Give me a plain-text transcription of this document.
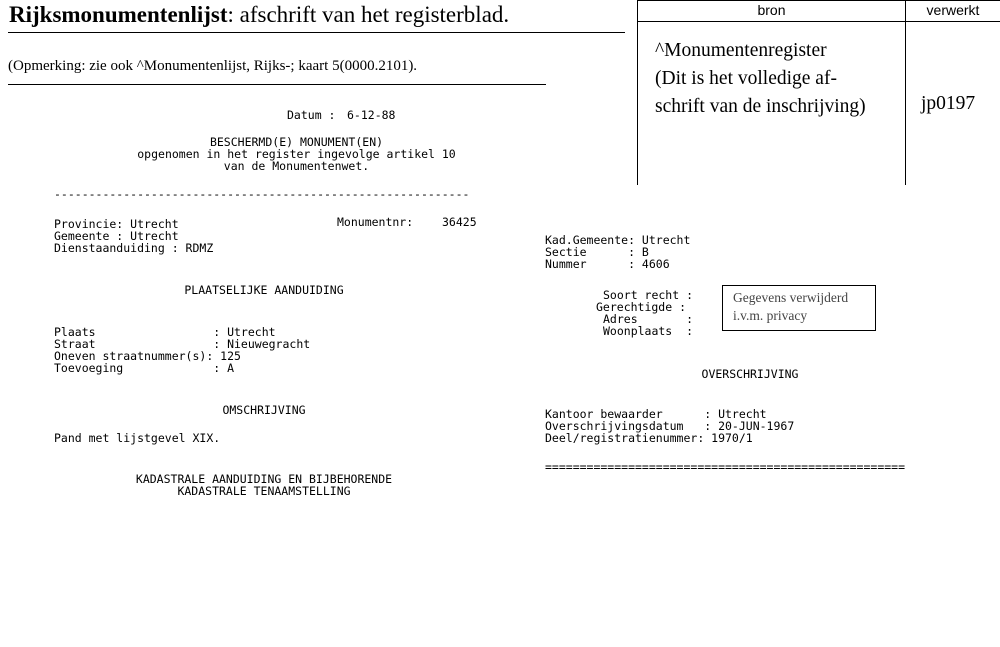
Rijksmonumentenlijst: afschrift van het registerblad.
(Opmerking: zie ook ^Monumentenlijst, Rijks-; kaart 5(0000.2101).
bron	verwerkt
^Monumentenregister
(Dit is het volledige af-
schrift van de inschrijving)	jp0197
Datum : 6-12-88
BESCHERMD(E) MONUMENT(EN)
opgenomen in het register ingevolge artikel 10
van de Monumentenwet.
------------------------------------------------------------
Provincie: Utrecht	Monumentnr:	36425
Gemeente : Utrecht
Dienstaanduiding : RDMZ
PLAATSELIJKE AANDUIDING
Plaats                 : Utrecht
Straat                 : Nieuwegracht
Oneven straatnummer(s): 125
Toevoeging             : A
OMSCHRIJVING
Pand met lijstgevel XIX.
KADASTRALE AANDUIDING EN BIJBEHORENDE
KADASTRALE TENAAMSTELLING
Kad.Gemeente: Utrecht
Sectie      : B
Nummer      : 4606
Soort recht :
Gerechtigde :
Adres       :
Woonplaats  :
Gegevens verwijderd
i.v.m. privacy
OVERSCHRIJVING
Kantoor bewaarder      : Utrecht
Overschrijvingsdatum   : 20-JUN-1967
Deel/registratienummer: 1970/1
====================================================
